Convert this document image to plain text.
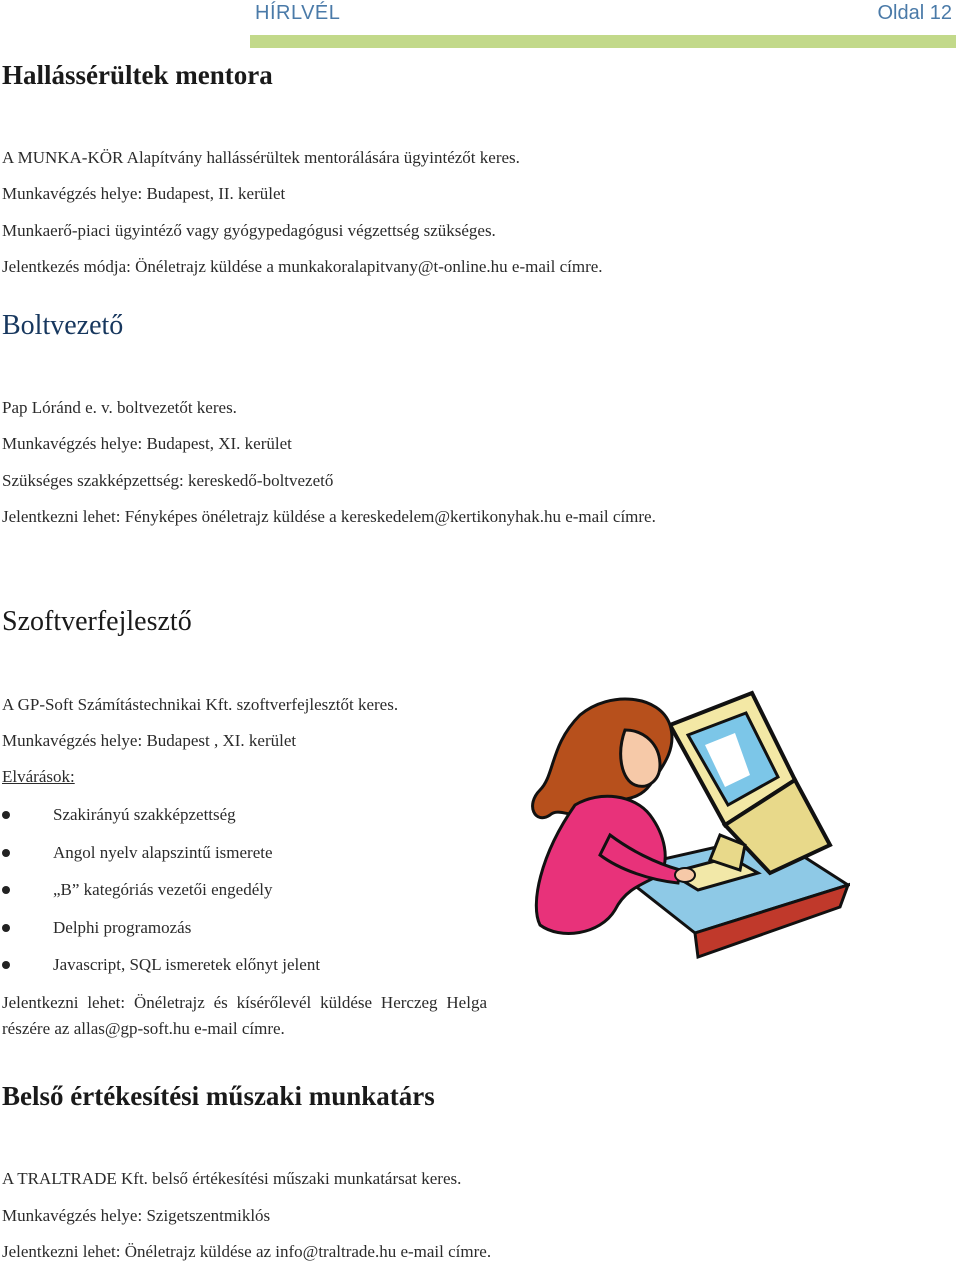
HÍRLVÉL	Oldal 12
Hallássérültek mentora

A MUNKA-KÖR Alapítvány hallássérültek mentorálására ügyintézőt keres.

Munkavégzés helye: Budapest, II. kerület

Munkaerő-piaci ügyintéző vagy gyógypedagógusi végzettség szükséges.

Jelentkezés módja: Önéletrajz küldése a munkakoralapitvany@t-online.hu e-mail címre.

Boltvezető

Pap Lóránd e. v. boltvezetőt keres.

Munkavégzés helye: Budapest, XI. kerület

Szükséges szakképzettség: kereskedő-boltvezető

Jelentkezni lehet: Fényképes önéletrajz küldése a kereskedelem@kertikonyhak.hu e-mail címre.

Szoftverfejlesztő

A GP-Soft Számítástechnikai Kft. szoftverfejlesztőt keres.

Munkavégzés helye: Budapest , XI. kerület

Elvárások:

Szakirányú szakképzettség

Angol nyelv alapszintű ismerete

„B” kategóriás vezetői engedély

Delphi programozás

Javascript, SQL ismeretek előnyt jelent

Jelentkezni lehet: Önéletrajz és kísérőlevél küldése Herczeg Helga részére az allas@gp-soft.hu e-mail címre.

Belső értékesítési műszaki munkatárs

A TRALTRADE Kft. belső értékesítési műszaki munkatársat keres.

Munkavégzés helye: Szigetszentmiklós

Jelentkezni lehet: Önéletrajz küldése az info@traltrade.hu e-mail címre.
